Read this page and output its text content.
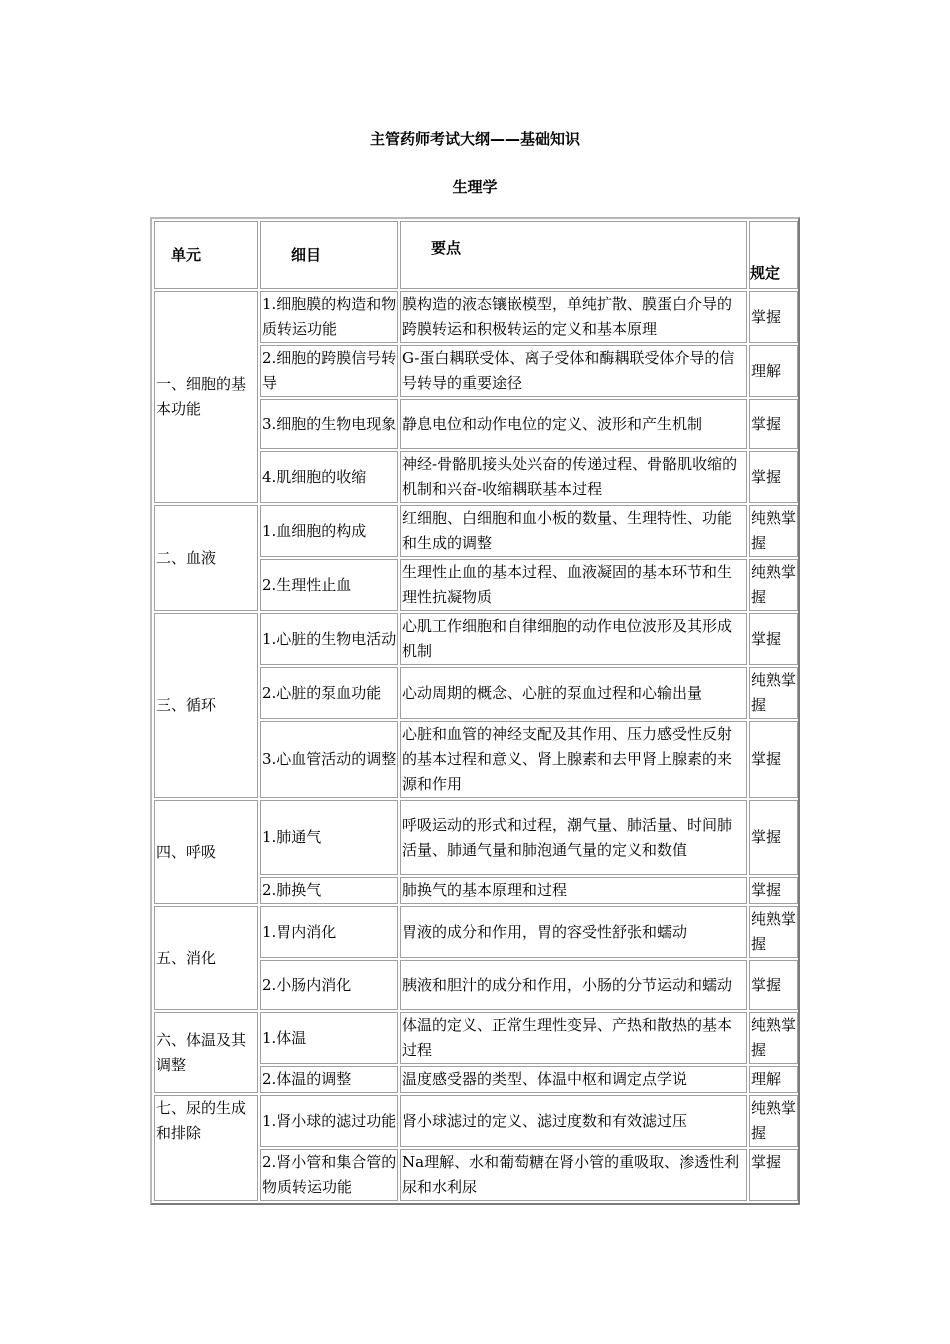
主管药师考试大纲——基础知识
生理学
单元	细目	要点	规定
一、细胞的基本功能	1.细胞膜的构造和物质转运功能	膜构造的液态镶嵌模型，单纯扩散、膜蛋白介导的跨膜转运和积极转运的定义和基本原理	掌握
	2.细胞的跨膜信号转导	G-蛋白耦联受体、离子受体和酶耦联受体介导的信号转导的重要途径	理解
	3.细胞的生物电现象	静息电位和动作电位的定义、波形和产生机制	掌握
	4.肌细胞的收缩	神经-骨骼肌接头处兴奋的传递过程、骨骼肌收缩的机制和兴奋-收缩耦联基本过程	掌握
二、血液	1.血细胞的构成	红细胞、白细胞和血小板的数量、生理特性、功能和生成的调整	纯熟掌握
	2.生理性止血	生理性止血的基本过程、血液凝固的基本环节和生理性抗凝物质	纯熟掌握
三、循环	1.心脏的生物电活动	心肌工作细胞和自律细胞的动作电位波形及其形成机制	掌握
	2.心脏的泵血功能	心动周期的概念、心脏的泵血过程和心输出量	纯熟掌握
	3.心血管活动的调整	心脏和血管的神经支配及其作用、压力感受性反射的基本过程和意义、肾上腺素和去甲肾上腺素的来源和作用	掌握
四、呼吸	1.肺通气	呼吸运动的形式和过程，潮气量、肺活量、时间肺活量、肺通气量和肺泡通气量的定义和数值	掌握
	2.肺换气	肺换气的基本原理和过程	掌握
五、消化	1.胃内消化	胃液的成分和作用，胃的容受性舒张和蠕动	纯熟掌握
	2.小肠内消化	胰液和胆汁的成分和作用，小肠的分节运动和蠕动	掌握
六、体温及其调整	1.体温	体温的定义、正常生理性变异、产热和散热的基本过程	纯熟掌握
	2.体温的调整	温度感受器的类型、体温中枢和调定点学说	理解
七、尿的生成和排除	1.肾小球的滤过功能	肾小球滤过的定义、滤过度数和有效滤过压	纯熟掌握
	2.肾小管和集合管的物质转运功能	Na理解、水和葡萄糖在肾小管的重吸取、渗透性利尿和水利尿	掌握
